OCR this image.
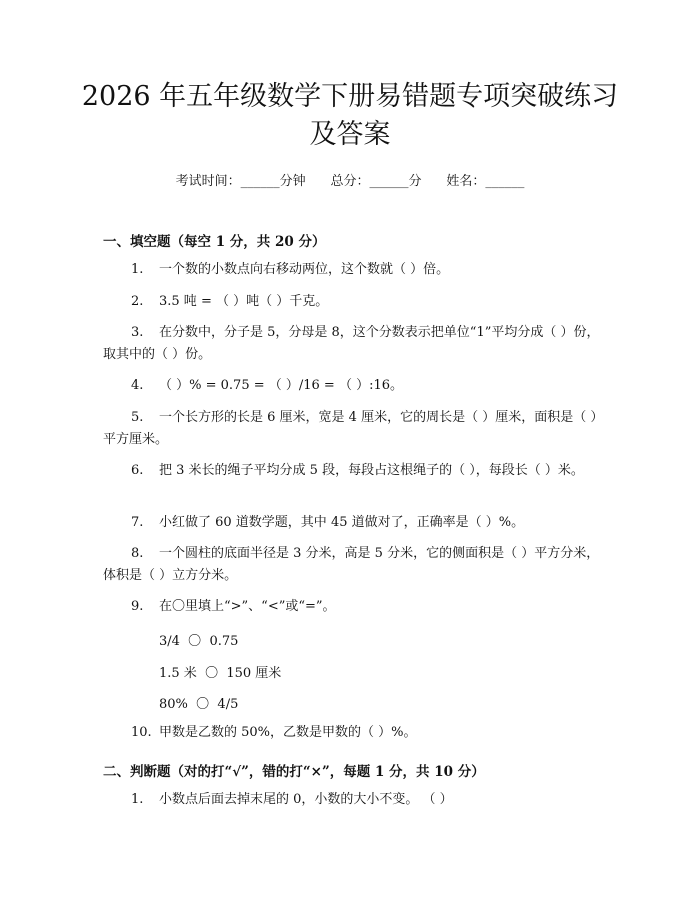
2026 年五年级数学下册易错题专项突破练习
及答案
考试时间：______分钟 总分：______分 姓名：______
一、填空题（每空 1 分，共 20 分）
1. 一个数的小数点向右移动两位，这个数就（ ）倍。
2. 3.5 吨 = （ ）吨（ ）千克。
3. 在分数中，分子是 5，分母是 8，这个分数表示把单位“1”平均分成（ ）份，取其中的（ ）份。
4. （ ）% = 0.75 = （ ）/16 = （ ）:16。
5. 一个长方形的长是 6 厘米，宽是 4 厘米，它的周长是（ ）厘米，面积是（ ）平方厘米。
6. 把 3 米长的绳子平均分成 5 段，每段占这根绳子的（ ），每段长（ ）米。
7. 小红做了 60 道数学题，其中 45 道做对了，正确率是（ ）%。
8. 一个圆柱的底面半径是 3 分米，高是 5 分米，它的侧面积是（ ）平方分米，体积是（ ）立方分米。
9. 在〇里填上“>”、“<”或“=”。
3/4  〇  0.75
1.5 米  〇  150 厘米
80%  〇  4/5
10. 甲数是乙数的 50%，乙数是甲数的（ ）%。
二、判断题（对的打“√”，错的打“×”，每题 1 分，共 10 分）
1. 小数点后面去掉末尾的 0，小数的大小不变。 （ ）
